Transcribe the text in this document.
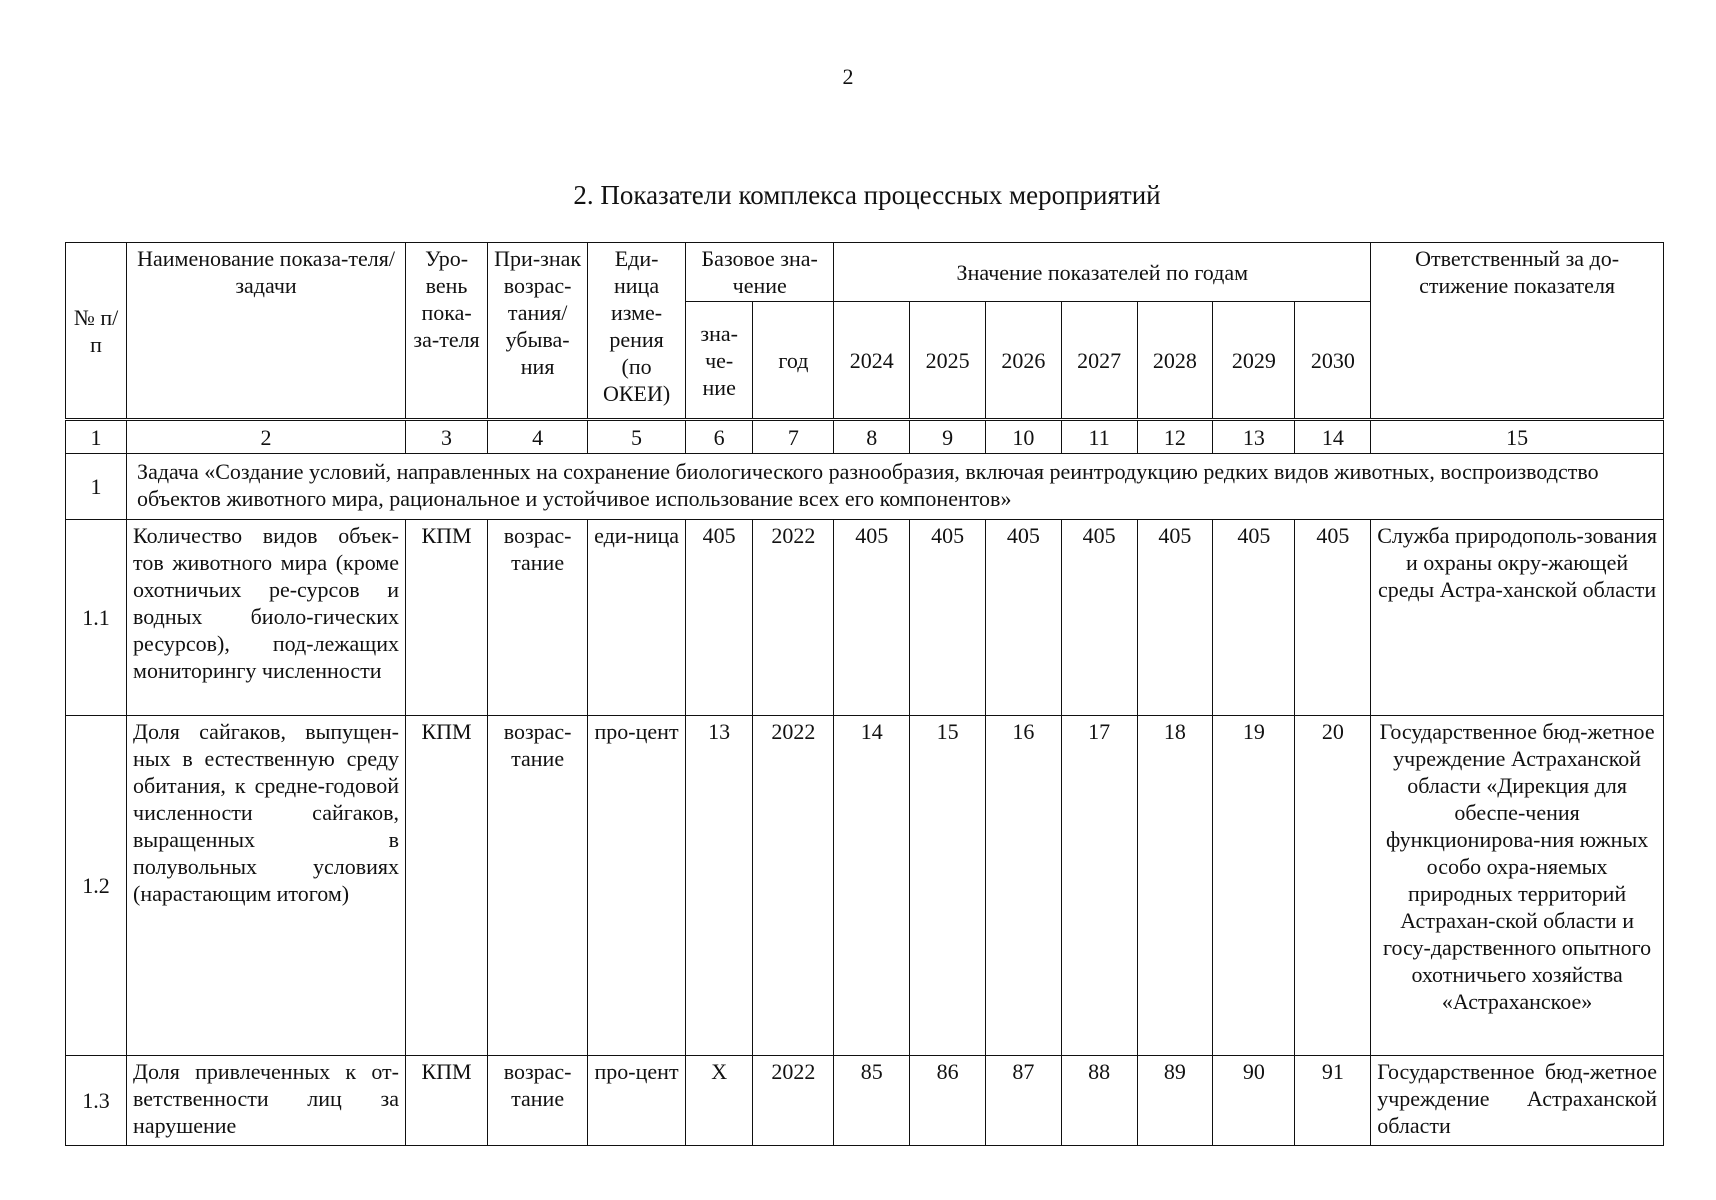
2
2. Показатели комплекса процессных мероприятий
№ п/п	Наименование показа-теля/задачи	Уро-вень пока-за-теля	При-знак возрас-тания/ убыва-ния	Еди-ница изме-рения (по ОКЕИ)	Базовое зна-чение		Значение показателей по годам							Ответственный за до-стижение показателя
					зна-че-ние	год	2024	2025	2026	2027	2028	2029	2030	
1	2	3	4	5	6	7	8	9	10	11	12	13	14	15
1	Задача «Создание условий, направленных на сохранение биологического разнообразия, включая реинтродукцию редких видов животных, воспроизводство объектов животного мира, рациональное и устойчивое использование всех его компонентов»													
1.1	Количество видов объек-тов животного мира (кроме охотничьих ре-сурсов и водных биоло-гических ресурсов), под-лежащих мониторингу численности	КПМ	возрас-тание	еди-ница	405	2022	405	405	405	405	405	405	405	Служба природополь-зования и охраны окру-жающей среды Астра-ханской области
1.2	Доля сайгаков, выпущен-ных в естественную среду обитания, к средне-годовой численности сайгаков, выращенных в полувольных условиях (нарастающим итогом)	КПМ	возрас-тание	про-цент	13	2022	14	15	16	17	18	19	20	Государственное бюд-жетное учреждение Астраханской области «Дирекция для обеспе-чения функционирова-ния южных особо охра-няемых природных территорий Астрахан-ской области и госу-дарственного опытного охотничьего хозяйства «Астраханское»
1.3	Доля привлеченных к от-ветственности лиц за нарушение	КПМ	возрас-тание	про-цент	Х	2022	85	86	87	88	89	90	91	Государственное бюд-жетное учреждение Астраханской области
